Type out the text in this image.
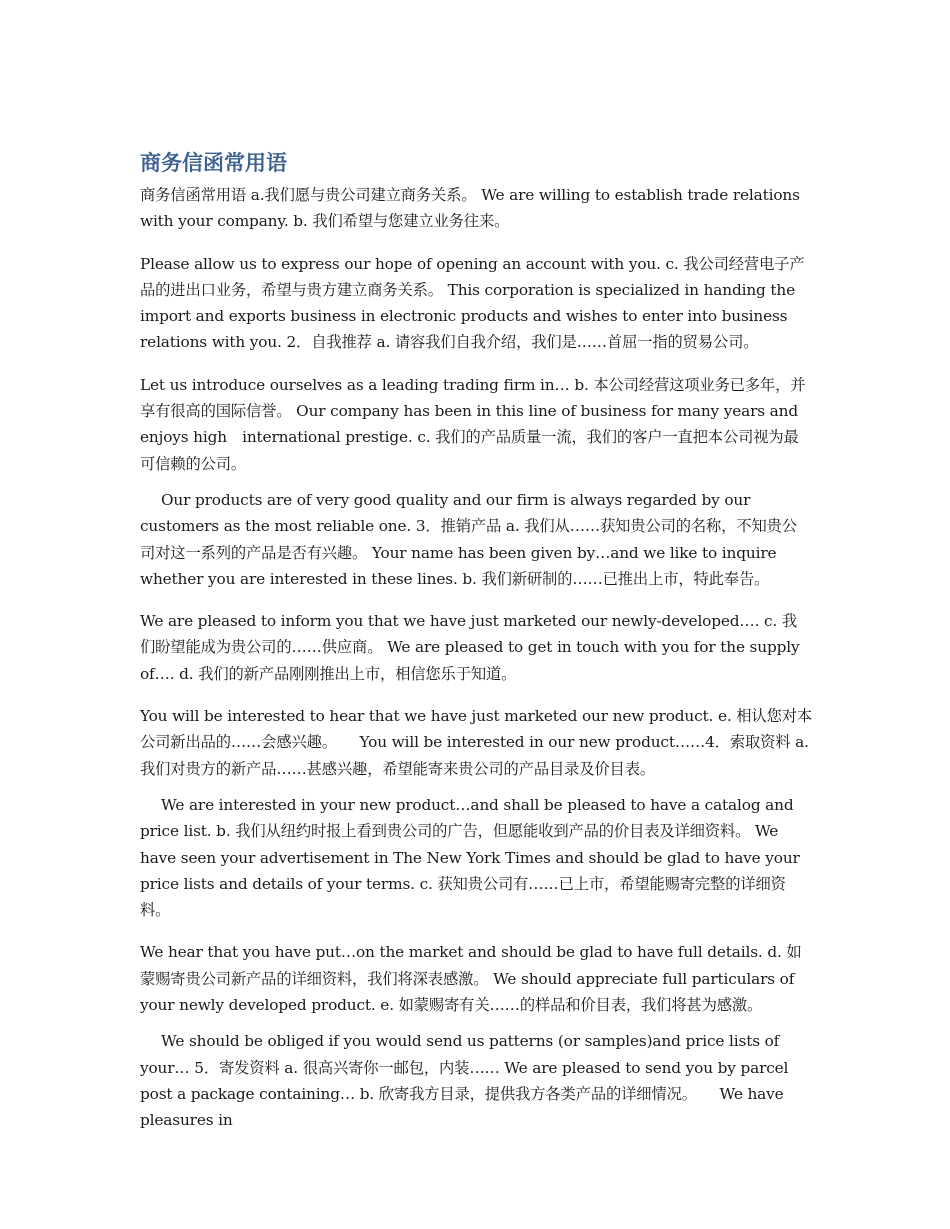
商务信函常用语

商务信函常用语 a.我们愿与贵公司建立商务关系。 We are willing to establish trade relations with your company. b. 我们希望与您建立业务往来。

Please allow us to express our hope of opening an account with you. c. 我公司经营电子产品的进出口业务，希望与贵方建立商务关系。 This corporation is specialized in handing the import and exports business in electronic products and wishes to enter into business relations with you. 2．自我推荐 a. 请容我们自我介绍，我们是……首屈一指的贸易公司。

Let us introduce ourselves as a leading trading firm in… b. 本公司经营这项业务已多年，并享有很高的国际信誉。 Our company has been in this line of business for many years and enjoys high　international prestige. c. 我们的产品质量一流，我们的客户一直把本公司视为最可信赖的公司。

Our products are of very good quality and our firm is always regarded by our customers as the most reliable one. 3．推销产品 a. 我们从……获知贵公司的名称，不知贵公司对这一系列的产品是否有兴趣。 Your name has been given by…and we like to inquire whether you are interested in these lines. b. 我们新研制的……已推出上市，特此奉告。

We are pleased to inform you that we have just marketed our newly-developed…. c. 我们盼望能成为贵公司的……供应商。 We are pleased to get in touch with you for the supply of…. d. 我们的新产品刚刚推出上市，相信您乐于知道。

You will be interested to hear that we have just marketed our new product. e. 相认您对本公司新出品的……会感兴趣。　　You will be interested in our new product……4．索取资料 a. 我们对贵方的新产品……甚感兴趣，希望能寄来贵公司的产品目录及价目表。

We are interested in your new product…and shall be pleased to have a catalog and price list. b. 我们从纽约时报上看到贵公司的广告，但愿能收到产品的价目表及详细资料。 We have seen your advertisement in The New York Times and should be glad to have your price lists and details of your terms. c. 获知贵公司有……已上市，希望能赐寄完整的详细资料。

We hear that you have put…on the market and should be glad to have full details. d. 如蒙赐寄贵公司新产品的详细资料，我们将深表感激。 We should appreciate full particulars of your newly developed product. e. 如蒙赐寄有关……的样品和价目表，我们将甚为感激。

We should be obliged if you would send us patterns (or samples)and price lists of your… 5．寄发资料 a. 很高兴寄你一邮包，内装…… We are pleased to send you by parcel post a package containing… b. 欣寄我方目录，提供我方各类产品的详细情况。　　We have pleasures in
